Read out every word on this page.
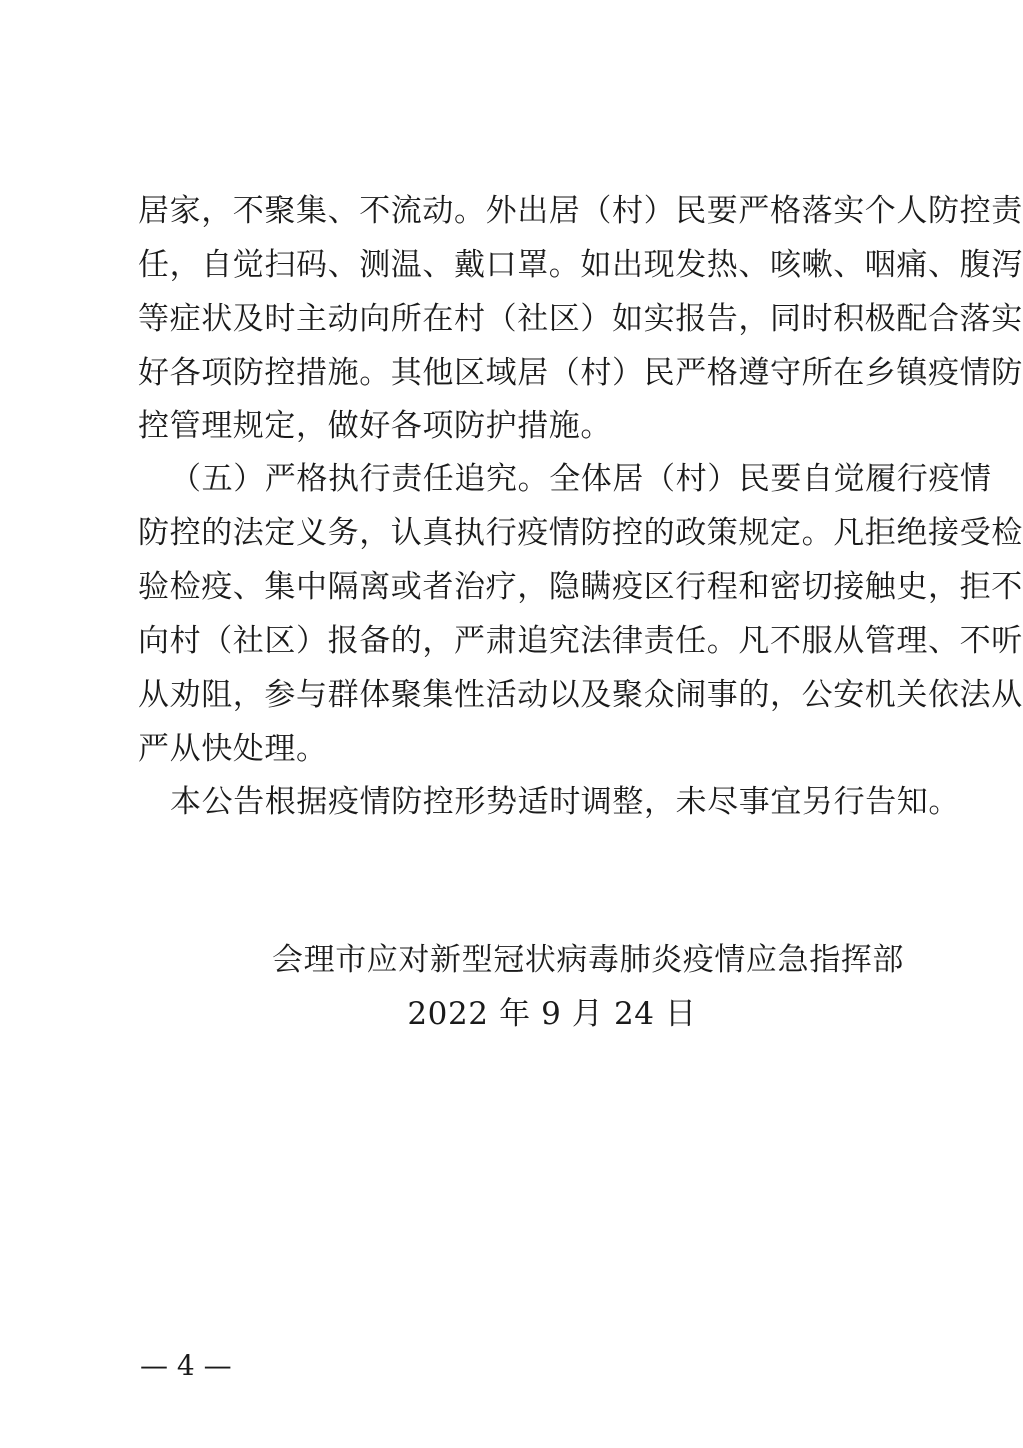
居家，不聚集、不流动。外出居（村）民要严格落实个人防控责
任，自觉扫码、测温、戴口罩。如出现发热、咳嗽、咽痛、腹泻
等症状及时主动向所在村（社区）如实报告，同时积极配合落实
好各项防控措施。其他区域居（村）民严格遵守所在乡镇疫情防
控管理规定，做好各项防护措施。
（五）严格执行责任追究。全体居（村）民要自觉履行疫情
防控的法定义务，认真执行疫情防控的政策规定。凡拒绝接受检
验检疫、集中隔离或者治疗，隐瞒疫区行程和密切接触史，拒不
向村（社区）报备的，严肃追究法律责任。凡不服从管理、不听
从劝阻，参与群体聚集性活动以及聚众闹事的，公安机关依法从
严从快处理。
本公告根据疫情防控形势适时调整，未尽事宜另行告知。
会理市应对新型冠状病毒肺炎疫情应急指挥部
2022 年 9 月 24 日
— 4 —
